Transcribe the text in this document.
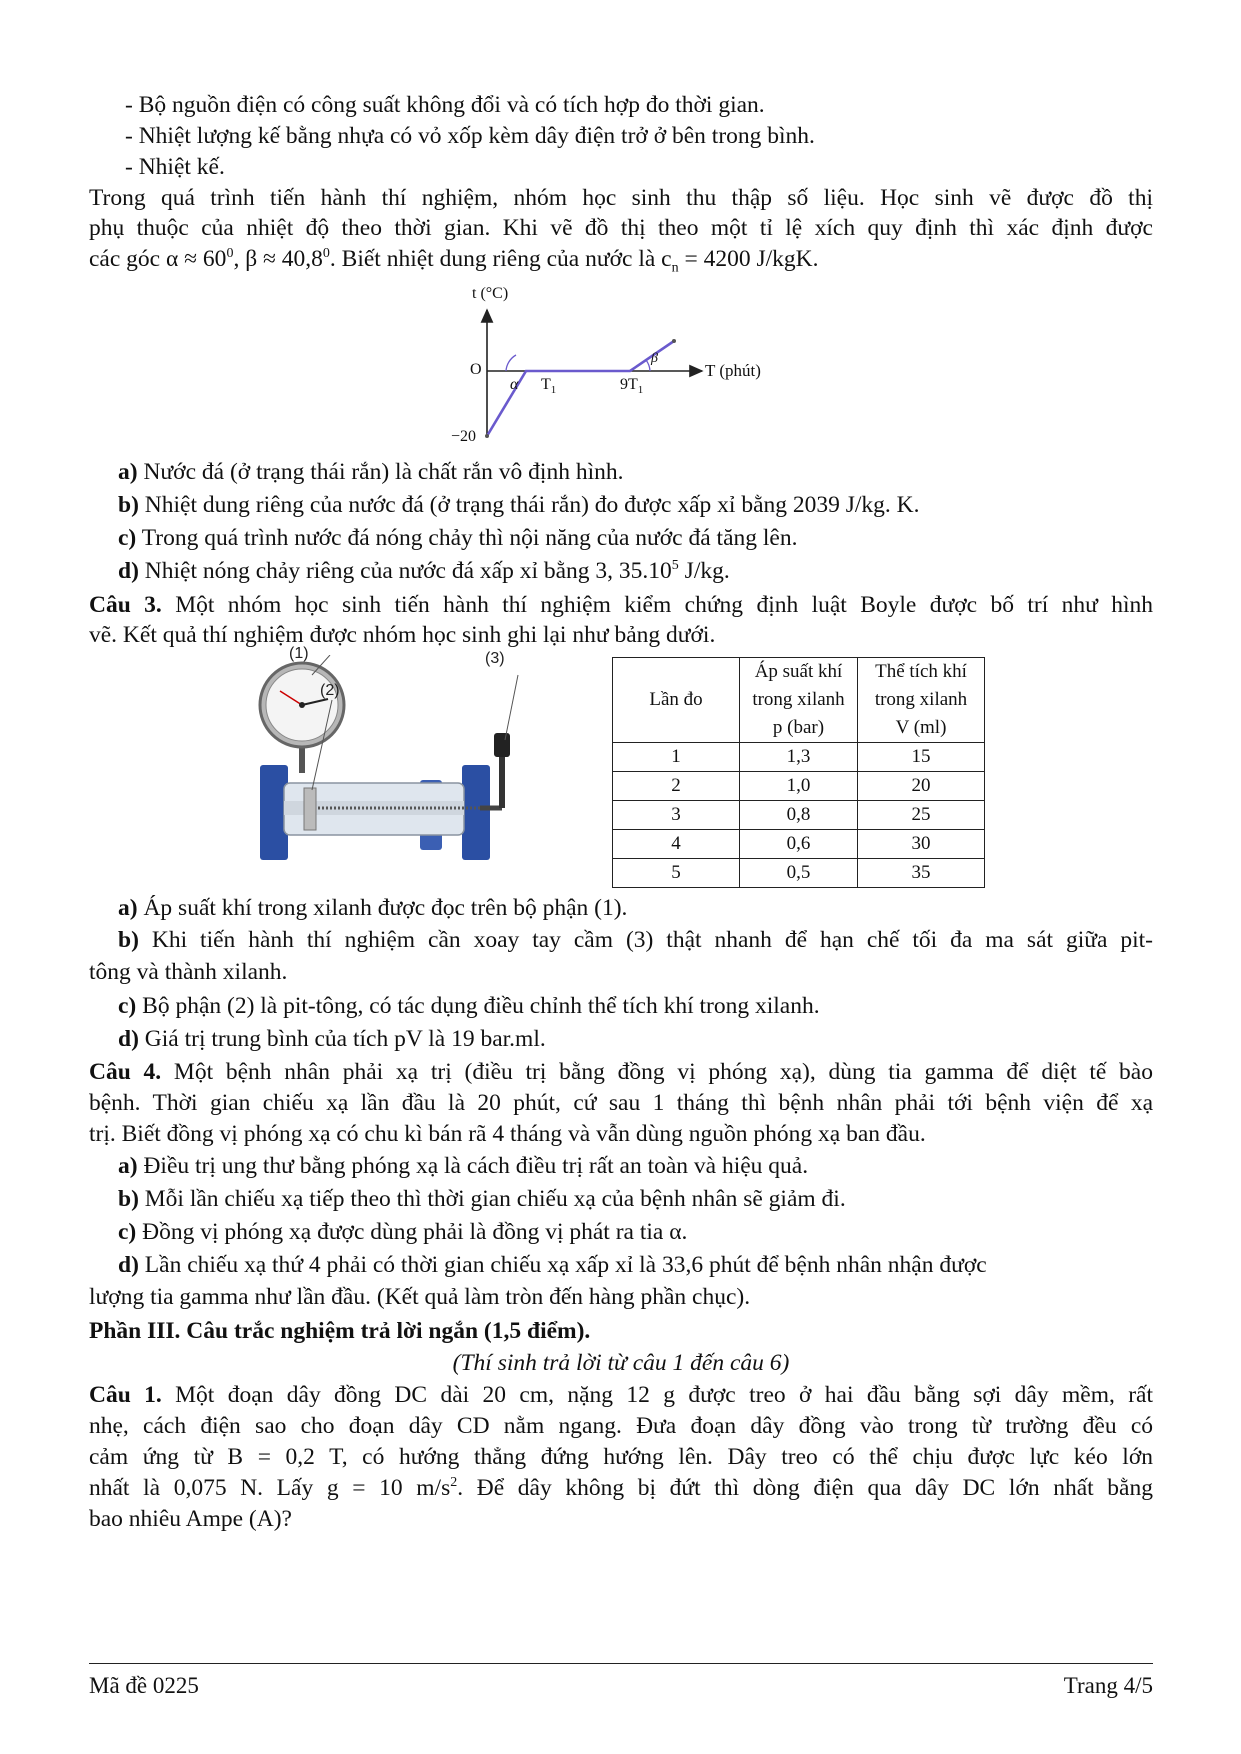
- Bộ nguồn điện có công suất không đổi và có tích hợp đo thời gian.
- Nhiệt lượng kế bằng nhựa có vỏ xốp kèm dây điện trở ở bên trong bình.
- Nhiệt kế.
Trong quá trình tiến hành thí nghiệm, nhóm học sinh thu thập số liệu. Học sinh vẽ được đồ thị
phụ thuộc của nhiệt độ theo thời gian. Khi vẽ đồ thị theo một tỉ lệ xích quy định thì xác định được
các góc $\alpha \approx 60^0$, $\beta \approx 40,8^0$. Biết nhiệt dung riêng của nước là $c_n = 4200$ J/kgK.
t (°C)
T (phút)
O
−20
α
β
$T_1$	$9T_1$
a) Nước đá (ở trạng thái rắn) là chất rắn vô định hình.
b) Nhiệt dung riêng của nước đá (ở trạng thái rắn) đo được xấp xỉ bằng 2039 J/kg. K.
c) Trong quá trình nước đá nóng chảy thì nội năng của nước đá tăng lên.
d) Nhiệt nóng chảy riêng của nước đá xấp xỉ bằng 3, 35.10$^5$ J/kg.
Câu 3. Một nhóm học sinh tiến hành thí nghiệm kiểm chứng định luật Boyle được bố trí như hình
vẽ. Kết quả thí nghiệm được nhóm học sinh ghi lại như bảng dưới.
(1)
(2)
(3)
Lần đo	Áp suất khí	Thể tích khí
	trong xilanh	trong xilanh
	p (bar)	V (ml)
1	1,3	15
2	1,0	20
3	0,8	25
4	0,6	30
5	0,5	35
a) Áp suất khí trong xilanh được đọc trên bộ phận (1).
b) Khi tiến hành thí nghiệm cần xoay tay cầm (3) thật nhanh để hạn chế tối đa ma sát giữa pit-
tông và thành xilanh.
c) Bộ phận (2) là pit-tông, có tác dụng điều chỉnh thể tích khí trong xilanh.
d) Giá trị trung bình của tích pV là 19 bar.ml.
Câu 4. Một bệnh nhân phải xạ trị (điều trị bằng đồng vị phóng xạ), dùng tia gamma để diệt tế bào
bệnh. Thời gian chiếu xạ lần đầu là 20 phút, cứ sau 1 tháng thì bệnh nhân phải tới bệnh viện để xạ
trị. Biết đồng vị phóng xạ có chu kì bán rã 4 tháng và vẫn dùng nguồn phóng xạ ban đầu.
a) Điều trị ung thư bằng phóng xạ là cách điều trị rất an toàn và hiệu quả.
b) Mỗi lần chiếu xạ tiếp theo thì thời gian chiếu xạ của bệnh nhân sẽ giảm đi.
c) Đồng vị phóng xạ được dùng phải là đồng vị phát ra tia α.
d) Lần chiếu xạ thứ 4 phải có thời gian chiếu xạ xấp xỉ là 33,6 phút để bệnh nhân nhận được
lượng tia gamma như lần đầu. (Kết quả làm tròn đến hàng phần chục).
Phần III. Câu trắc nghiệm trả lời ngắn (1,5 điểm).
(Thí sinh trả lời từ câu 1 đến câu 6)
Câu 1. Một đoạn dây đồng DC dài 20 cm, nặng 12 g được treo ở hai đầu bằng sợi dây mềm, rất
nhẹ, cách điện sao cho đoạn dây CD nằm ngang. Đưa đoạn dây đồng vào trong từ trường đều có
cảm ứng từ B = 0,2 T, có hướng thẳng đứng hướng lên. Dây treo có thể chịu được lực kéo lớn
nhất là 0,075 N. Lấy g = 10 $m/s^2$. Để dây không bị đứt thì dòng điện qua dây DC lớn nhất bằng
bao nhiêu Ampe (A)?
Mã đề 0225	Trang 4/5
